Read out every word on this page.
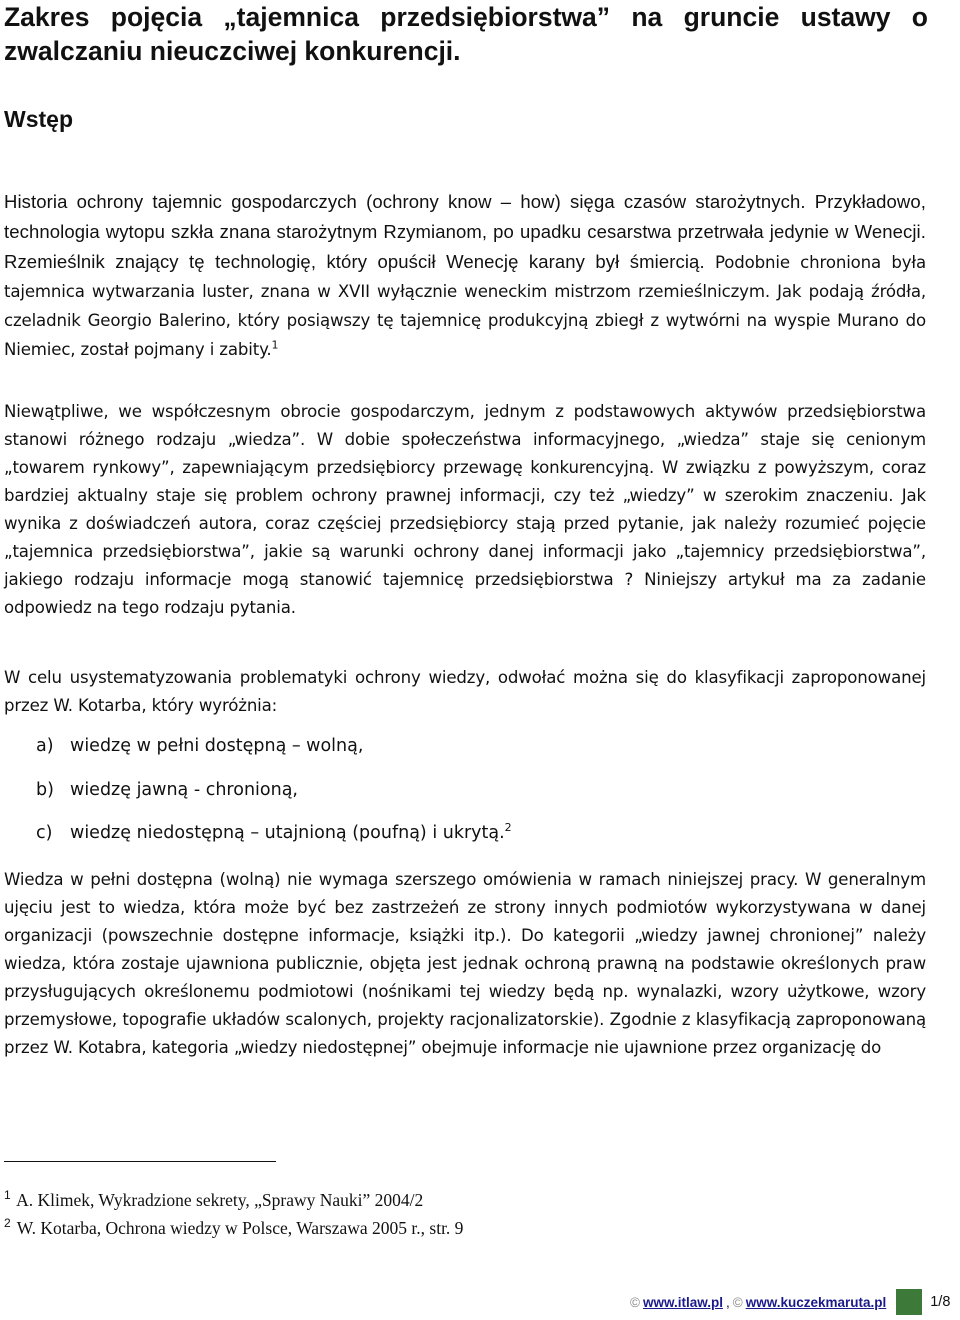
Zakres pojęcia „tajemnica przedsiębiorstwa” na gruncie ustawy o
zwalczaniu nieuczciwej konkurencji.
Wstęp

Historia ochrony tajemnic gospodarczych (ochrony know – how) sięga czasów starożytnych. Przykładowo, technologia wytopu szkła znana starożytnym Rzymianom, po upadku cesarstwa przetrwała jedynie w Wenecji. Rzemieślnik znający tę technologię, który opuścił Wenecję karany był śmiercią. Podobnie chroniona była tajemnica wytwarzania luster, znana w XVII wyłącznie weneckim mistrzom rzemieślniczym. Jak podają źródła, czeladnik Georgio Balerino, który posiąwszy tę tajemnicę produkcyjną zbiegł z wytwórni na wyspie Murano do Niemiec, został pojmany i zabity.$^1$

Niewątpliwe, we współczesnym obrocie gospodarczym, jednym z podstawowych aktywów przedsiębiorstwa stanowi różnego rodzaju „wiedza”. W dobie społeczeństwa informacyjnego, „wiedza” staje się cenionym „towarem rynkowy”, zapewniającym przedsiębiorcy przewagę konkurencyjną. W związku z powyższym, coraz bardziej aktualny staje się problem ochrony prawnej informacji, czy też „wiedzy” w szerokim znaczeniu. Jak wynika z doświadczeń autora, coraz częściej przedsiębiorcy stają przed pytanie, jak należy rozumieć pojęcie „tajemnica przedsiębiorstwa”, jakie są warunki ochrony danej informacji jako „tajemnicy przedsiębiorstwa”, jakiego rodzaju informacje mogą stanowić tajemnicę przedsiębiorstwa ? Niniejszy artykuł ma za zadanie odpowiedz na tego rodzaju pytania.

W celu usystematyzowania problematyki ochrony wiedzy, odwołać można się do klasyfikacji zaproponowanej przez W. Kotarba, który wyróżnia:

a) wiedzę w pełni dostępną – wolną,
b) wiedzę jawną - chronioną,
c) wiedzę niedostępną – utajnioną (poufną) i ukrytą.$^2$

Wiedza w pełni dostępna (wolną) nie wymaga szerszego omówienia w ramach niniejszej pracy. W generalnym ujęciu jest to wiedza, która może być bez zastrzeżeń ze strony innych podmiotów wykorzystywana w danej organizacji (powszechnie dostępne informacje, książki itp.). Do kategorii „wiedzy jawnej chronionej” należy wiedza, która zostaje ujawniona publicznie, objęta jest jednak ochroną prawną na podstawie określonych praw przysługujących określonemu podmiotowi (nośnikami tej wiedzy będą np. wynalazki, wzory użytkowe, wzory przemysłowe, topografie układów scalonych, projekty racjonalizatorskie). Zgodnie z klasyfikacją zaproponowaną przez W. Kotabra, kategoria „wiedzy niedostępnej” obejmuje informacje nie ujawnione przez organizację do

$^1$ A. Klimek, Wykradzione sekrety, „Sprawy Nauki” 2004/2
$^2$ W. Kotarba, Ochrona wiedzy w Polsce, Warszawa 2005 r., str. 9
© www.itlaw.pl , © www.kuczekmaruta.pl	1/8
